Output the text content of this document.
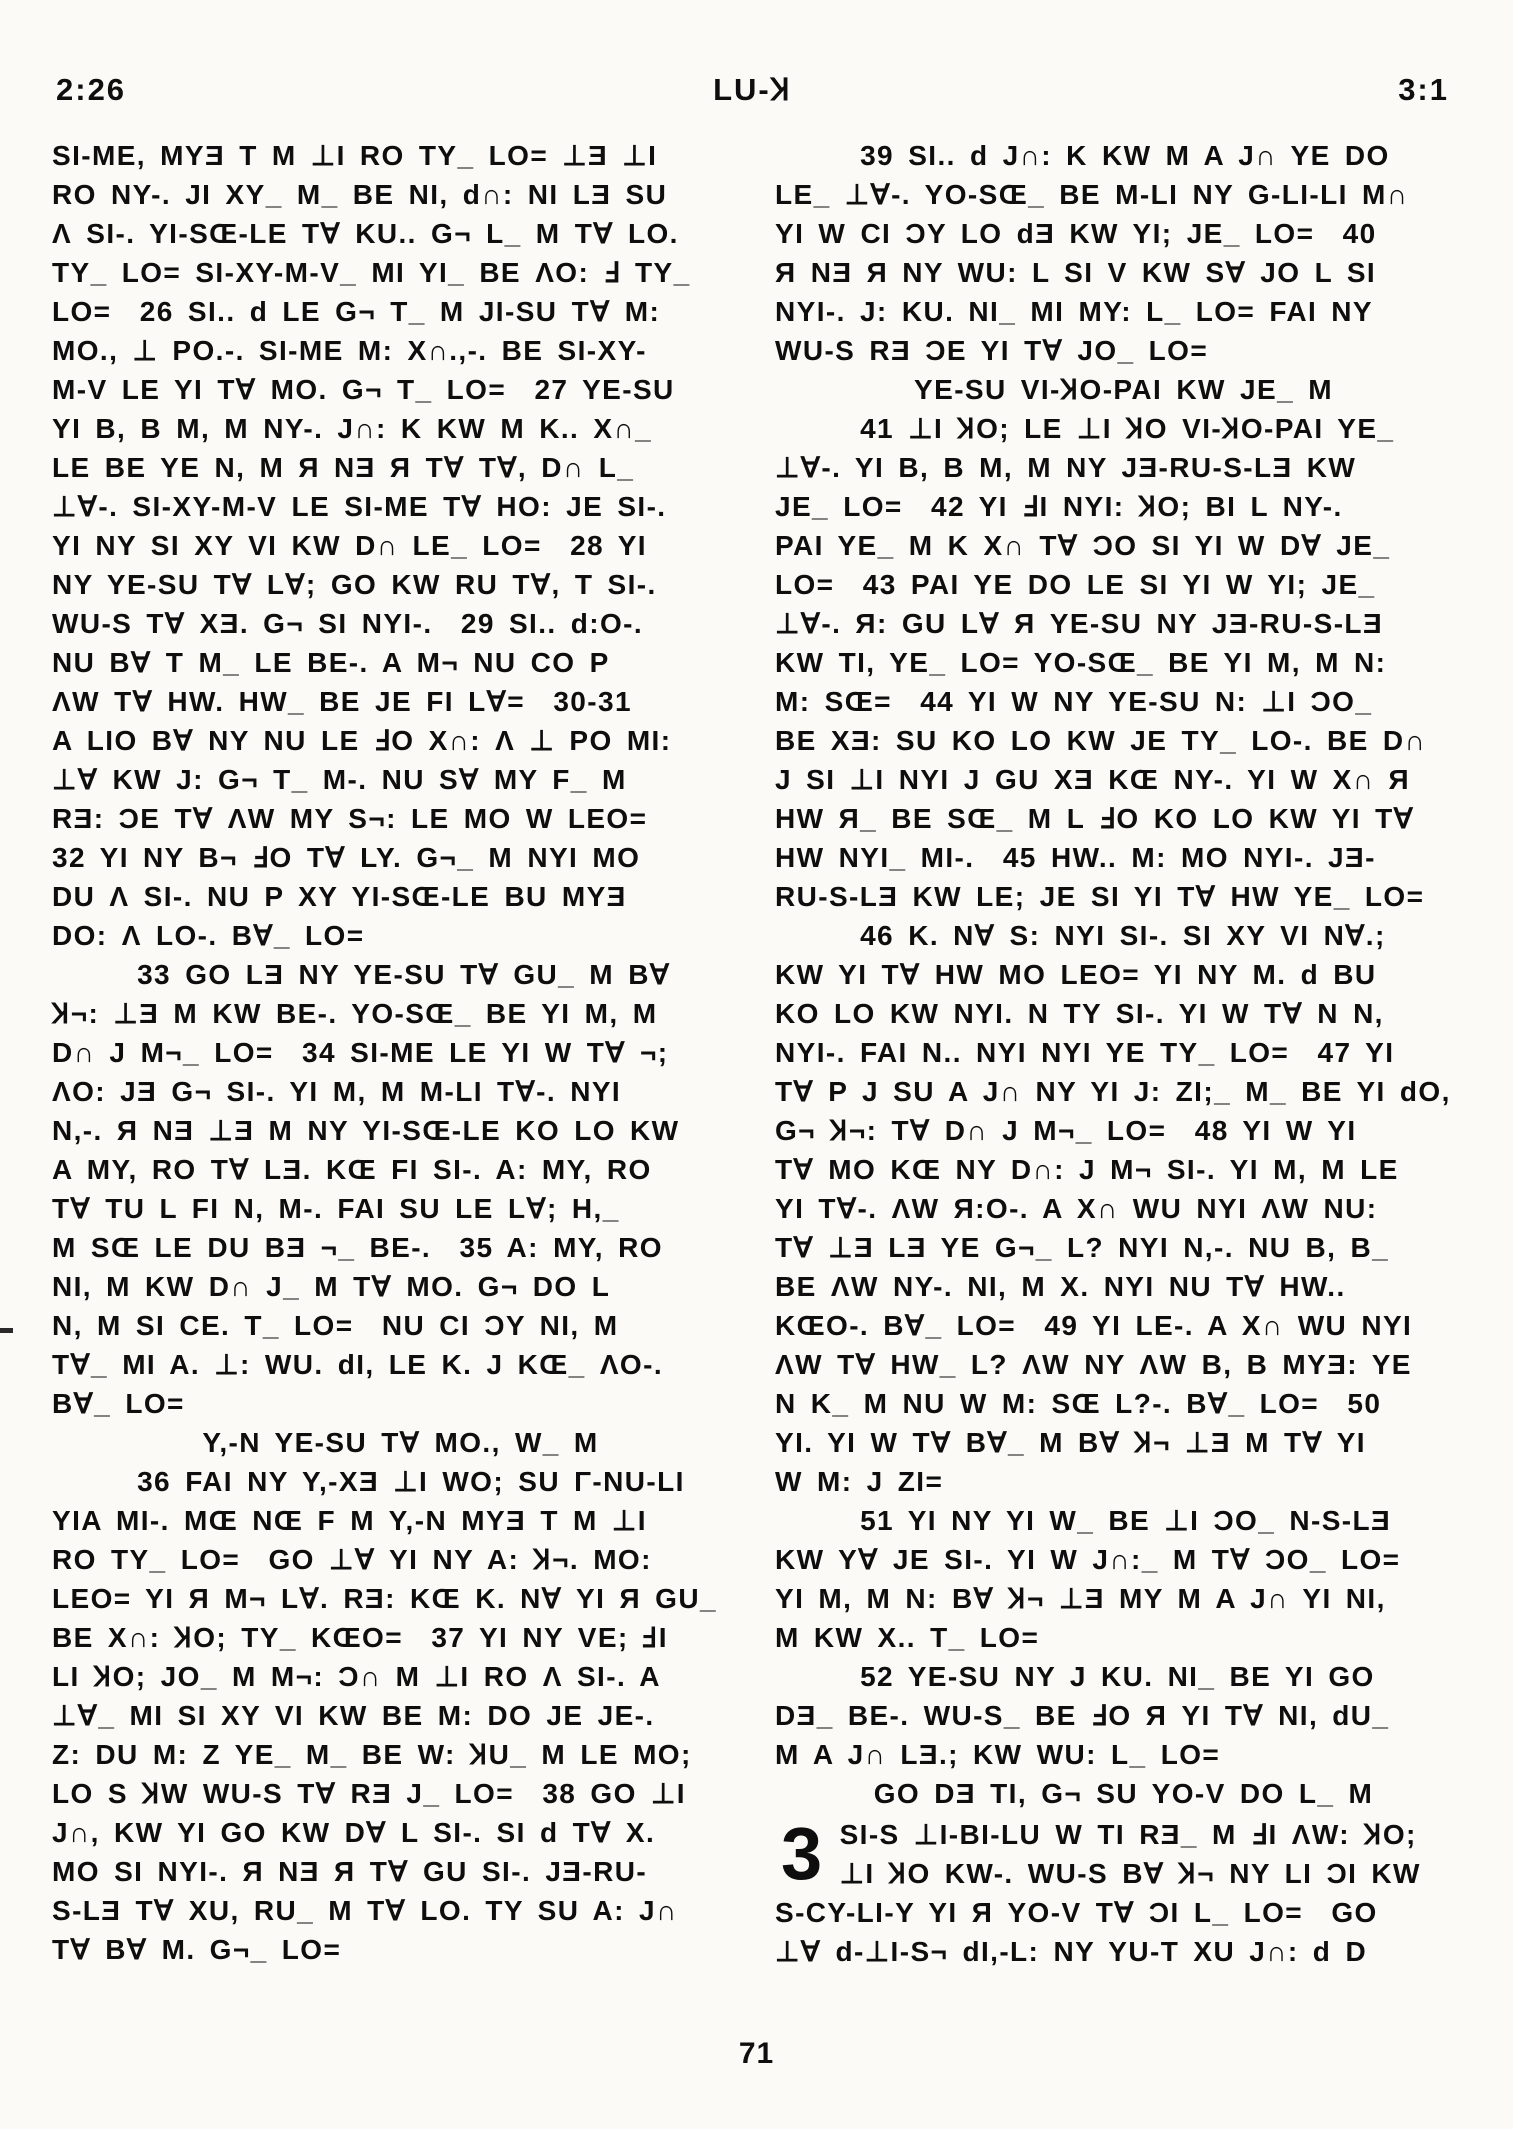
2:26	LU-Ʞ	3:1
SI-ME, MYƎ T M ⊥I RO TY_ LO= ⊥Ǝ ⊥I
RO NY-. JI XY_ M_ BE NI, d∩: NI LƎ SU
Λ SI-. YI-SŒ-LE T∀ KU.. G¬ L_ M T∀ LO.
TY_ LO= SI-XY-M-V_ MI YI_ BE ΛO: Ⅎ TY_
LO=  26 SI.. d LE G¬ T_ M JI-SU T∀ M:
MO., ⊥ PO.-. SI-ME M: X∩.,-. BE SI-XY-
M-V LE YI T∀ MO. G¬ T_ LO=  27 YE-SU
YI B, B M, M NY-. J∩: K KW M K.. X∩_
LE BE YE N, M Я NƎ Я T∀ T∀, D∩ L_
⊥∀-. SI-XY-M-V LE SI-ME T∀ HO: JE SI-.
YI NY SI XY VI KW D∩ LE_ LO=  28 YI
NY YE-SU T∀ L∀; GO KW RU T∀, T SI-.
WU-S T∀ XƎ. G¬ SI NYI-.  29 SI.. d:O-.
NU B∀ T M_ LE BE-. A M¬ NU CO P
ΛW T∀ HW. HW_ BE JE FI L∀=  30-31
A LIO B∀ NY NU LE ℲO X∩: Λ ⊥ PO MI:
⊥∀ KW J: G¬ T_ M-. NU S∀ MY F_ M
RƎ: ƆE T∀ ΛW MY S¬: LE MO W LEO=
32 YI NY B¬ ℲO T∀ LY. G¬_ M NYI MO
DU Λ SI-. NU P XY YI-SŒ-LE BU MYƎ
DO: Λ LO-. B∀_ LO=
33 GO LƎ NY YE-SU T∀ GU_ M B∀
Ʞ¬: ⊥Ǝ M KW BE-. YO-SŒ_ BE YI M, M
D∩ J M¬_ LO=  34 SI-ME LE YI W T∀ ¬;
ΛO: JƎ G¬ SI-. YI M, M M-LI T∀-. NYI
N,-. Я NƎ ⊥Ǝ M NY YI-SŒ-LE KO LO KW
A MY, RO T∀ LƎ. KŒ FI SI-. A: MY, RO
T∀ TU L FI N, M-. FAI SU LE L∀; H,_
M SŒ LE DU BƎ ¬_ BE-.  35 A: MY, RO
NI, M KW D∩ J_ M T∀ MO. G¬ DO L
N, M SI CE. T_ LO=  NU CI ƆY NI, M
T∀_ MI A. ⊥: WU. dI, LE K. J KŒ_ ΛO-.
B∀_ LO=
Y,-N YE-SU T∀ MO., W_ M
36 FAI NY Y,-XƎ ⊥I WO; SU Γ-NU-LI
YIA MI-. MŒ NŒ F M Y,-N MYƎ T M ⊥I
RO TY_ LO=  GO ⊥∀ YI NY A: Ʞ¬. MO:
LEO= YI Я M¬ L∀. RƎ: KŒ K. N∀ YI Я GU_
BE X∩: ꞰO; TY_ KŒO=  37 YI NY VE; ℲI
LI ꞰO; JO_ M M¬: Ɔ∩ M ⊥I RO Λ SI-. A
⊥∀_ MI SI XY VI KW BE M: DO JE JE-.
Z: DU M: Z YE_ M_ BE W: ꞰU_ M LE MO;
LO S ꞰW WU-S T∀ RƎ J_ LO=  38 GO ⊥I
J∩, KW YI GO KW D∀ L SI-. SI d T∀ X.
MO SI NYI-. Я NƎ Я T∀ GU SI-. JƎ-RU-
S-LƎ T∀ XU, RU_ M T∀ LO. TY SU A: J∩
T∀ B∀ M. G¬_ LO=
39 SI.. d J∩: K KW M A J∩ YE DO
LE_ ⊥∀-. YO-SŒ_ BE M-LI NY G-LI-LI M∩
YI W CI ƆY LO dƎ KW YI; JE_ LO=  40
Я NƎ Я NY WU: L SI V KW S∀ JO L SI
NYI-. J: KU. NI_ MI MY: L_ LO= FAI NY
WU-S RƎ ƆE YI T∀ JO_ LO=
YE-SU VI-ꞰO-PAI KW JE_ M
41 ⊥I ꞰO; LE ⊥I ꞰO VI-ꞰO-PAI YE_
⊥∀-. YI B, B M, M NY JƎ-RU-S-LƎ KW
JE_ LO=  42 YI ℲI NYI: ꞰO; BI L NY-.
PAI YE_ M K X∩ T∀ ƆO SI YI W D∀ JE_
LO=  43 PAI YE DO LE SI YI W YI; JE_
⊥∀-. Я: GU L∀ Я YE-SU NY JƎ-RU-S-LƎ
KW TI, YE_ LO= YO-SŒ_ BE YI M, M N:
M: SŒ=  44 YI W NY YE-SU N: ⊥I ƆO_
BE XƎ: SU KO LO KW JE TY_ LO-. BE D∩
J SI ⊥I NYI J GU XƎ KŒ NY-. YI W X∩ Я
HW Я_ BE SŒ_ M L ℲO KO LO KW YI T∀
HW NYI_ MI-.  45 HW.. M: MO NYI-. JƎ-
RU-S-LƎ KW LE; JE SI YI T∀ HW YE_ LO=
46 K. N∀ S: NYI SI-. SI XY VI N∀.;
KW YI T∀ HW MO LEO= YI NY M. d BU
KO LO KW NYI. N TY SI-. YI W T∀ N N,
NYI-. FAI N.. NYI NYI YE TY_ LO=  47 YI
T∀ P J SU A J∩ NY YI J: ZI;_ M_ BE YI dO,
G¬ Ʞ¬: T∀ D∩ J M¬_ LO=  48 YI W YI
T∀ MO KŒ NY D∩: J M¬ SI-. YI M, M LE
YI T∀-. ΛW Я:O-. A X∩ WU NYI ΛW NU:
T∀ ⊥Ǝ LƎ YE G¬_ L? NYI N,-. NU B, B_
BE ΛW NY-. NI, M X. NYI NU T∀ HW..
KŒO-. B∀_ LO=  49 YI LE-. A X∩ WU NYI
ΛW T∀ HW_ L? ΛW NY ΛW B, B MYƎ: YE
N K_ M NU W M: SŒ L?-. B∀_ LO=  50
YI. YI W T∀ B∀_ M B∀ Ʞ¬ ⊥Ǝ M T∀ YI
W M: J ZI=
51 YI NY YI W_ BE ⊥I ƆO_ N-S-LƎ
KW Y∀ JE SI-. YI W J∩:_ M T∀ ƆO_ LO=
YI M, M N: B∀ Ʞ¬ ⊥Ǝ MY M A J∩ YI NI,
M KW X.. T_ LO=
52 YE-SU NY J KU. NI_ BE YI GO
DƎ_ BE-. WU-S_ BE ℲO Я YI T∀ NI, dU_
M A J∩ LƎ.; KW WU: L_ LO=
GO DƎ TI, G¬ SU YO-V DO L_ M
3 SI-S ⊥I-BI-LU W TI RƎ_ M ℲI ΛW: ꞰO;
⊥I ꞰO KW-. WU-S B∀ Ʞ¬ NY LI ƆI KW
S-CY-LI-Y YI Я YO-V T∀ ƆI L_ LO=  GO
⊥∀ d-⊥I-S¬ dI,-L: NY YU-T XU J∩: d D
71
